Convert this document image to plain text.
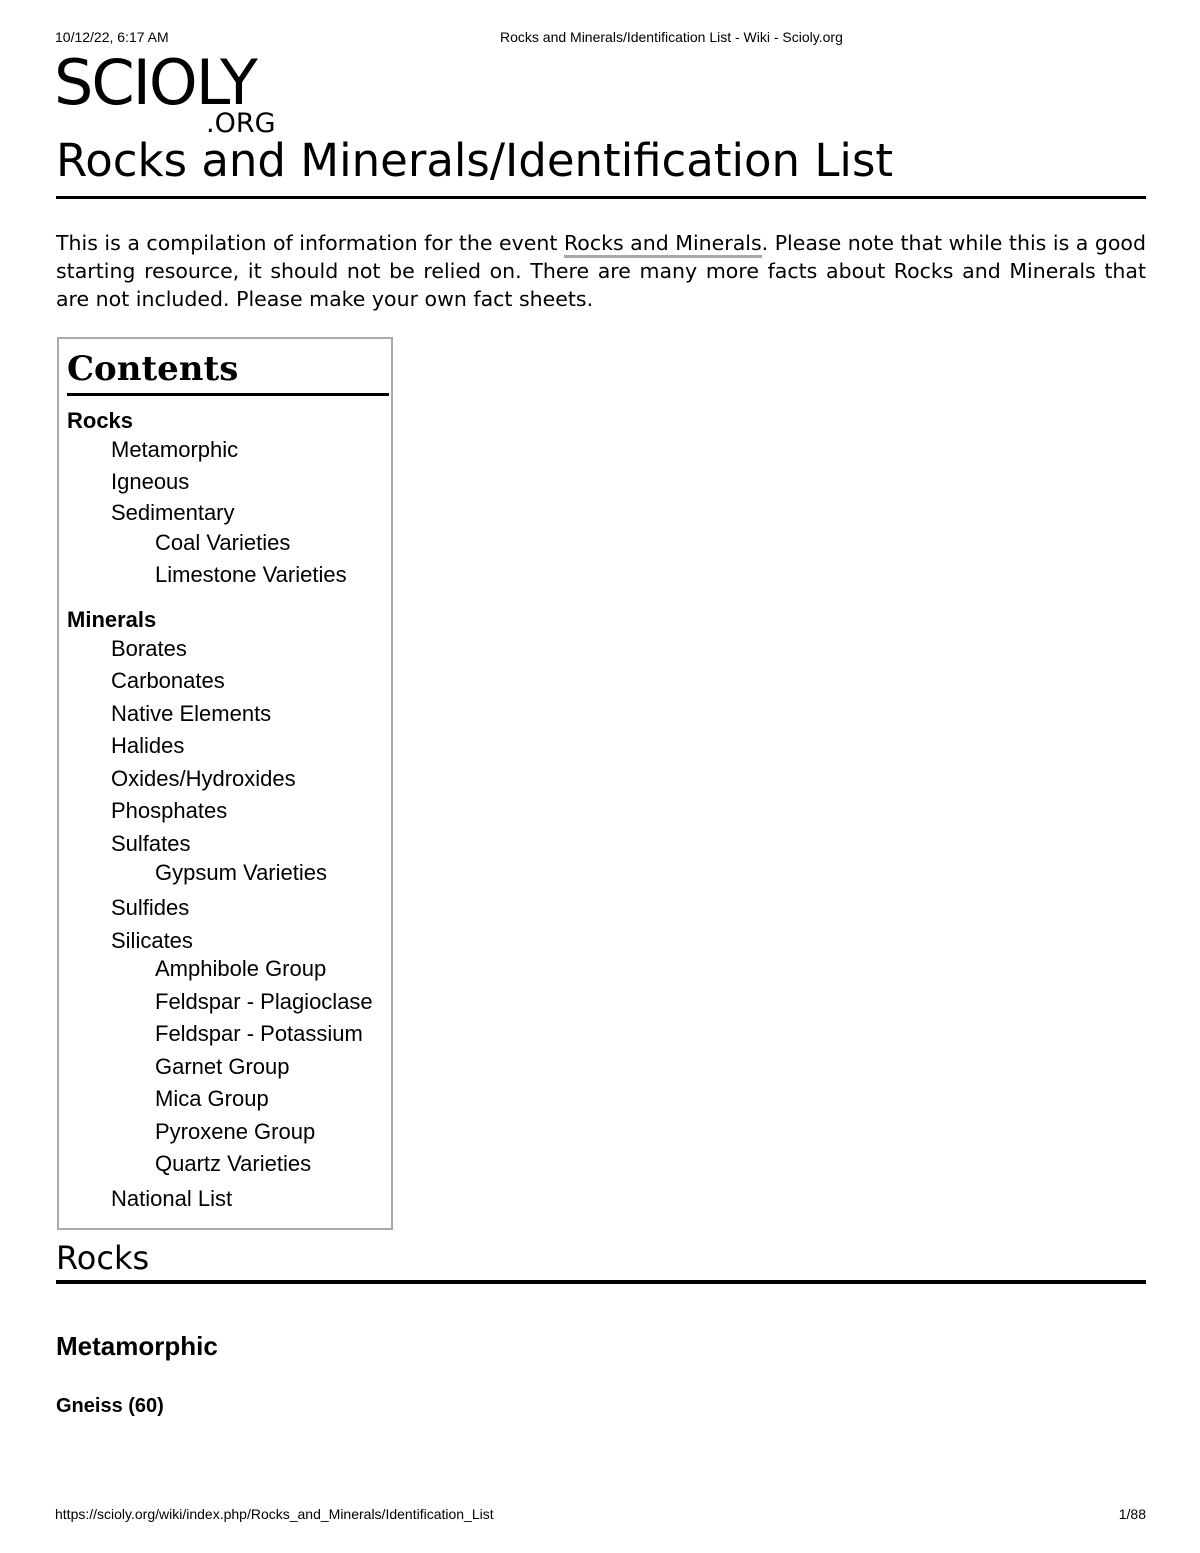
10/12/22, 6:17 AM	Rocks and Minerals/Identification List - Wiki - Scioly.org
SCIOLY
.ORG
Rocks and Minerals/Identification List

This is a compilation of information for the event Rocks and Minerals. Please note that while this is a good starting resource, it should not be relied on. There are many more facts about Rocks and Minerals that are not included. Please make your own fact sheets.

Contents
Rocks
Metamorphic
Igneous
Sedimentary
Coal Varieties
Limestone Varieties
Minerals
Borates
Carbonates
Native Elements
Halides
Oxides/Hydroxides
Phosphates
Sulfates
Gypsum Varieties
Sulfides
Silicates
Amphibole Group
Feldspar - Plagioclase
Feldspar - Potassium
Garnet Group
Mica Group
Pyroxene Group
Quartz Varieties
National List
Rocks
Metamorphic
Gneiss (60)
https://scioly.org/wiki/index.php/Rocks_and_Minerals/Identification_List	1/88
